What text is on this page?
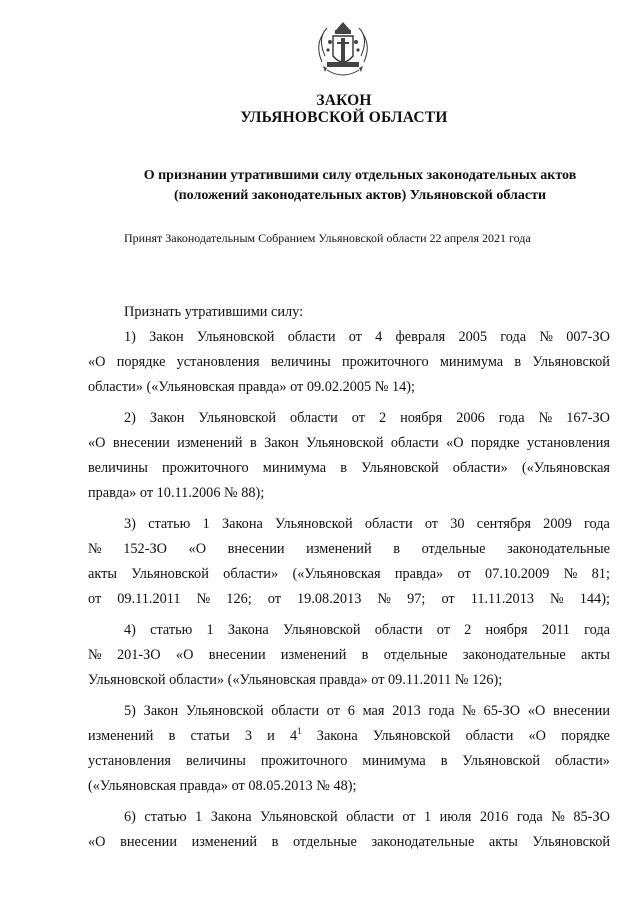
ЗАКОН
УЛЬЯНОВСКОЙ ОБЛАСТИ
О признании утратившими силу отдельных законодательных актов
(положений законодательных актов) Ульяновской области
Принят Законодательным Собранием Ульяновской области 22 апреля 2021 года
Признать утратившими силу:
1) Закон Ульяновской области от 4 февраля 2005 года № 007-ЗО
«О порядке установления величины прожиточного минимума в Ульяновской
области» («Ульяновская правда» от 09.02.2005 № 14);
2) Закон Ульяновской области от 2 ноября 2006 года № 167-ЗО
«О внесении изменений в Закон Ульяновской области «О порядке установления
величины прожиточного минимума в Ульяновской области» («Ульяновская
правда» от 10.11.2006 № 88);
3) статью 1 Закона Ульяновской области от 30 сентября 2009 года
№ 152-ЗО «О внесении изменений в отдельные законодательные
акты Ульяновской области» («Ульяновская правда» от 07.10.2009 № 81;
от 09.11.2011 № 126; от 19.08.2013 № 97; от 11.11.2013 № 144);
4) статью 1 Закона Ульяновской области от 2 ноября 2011 года
№ 201-ЗО «О внесении изменений в отдельные законодательные акты
Ульяновской области» («Ульяновская правда» от 09.11.2011 № 126);
5) Закон Ульяновской области от 6 мая 2013 года № 65-ЗО «О внесении
изменений в статьи 3 и $4^1$ Закона Ульяновской области «О порядке
установления величины прожиточного минимума в Ульяновской области»
(«Ульяновская правда» от 08.05.2013 № 48);
6) статью 1 Закона Ульяновской области от 1 июля 2016 года № 85-ЗО
«О внесении изменений в отдельные законодательные акты Ульяновской
